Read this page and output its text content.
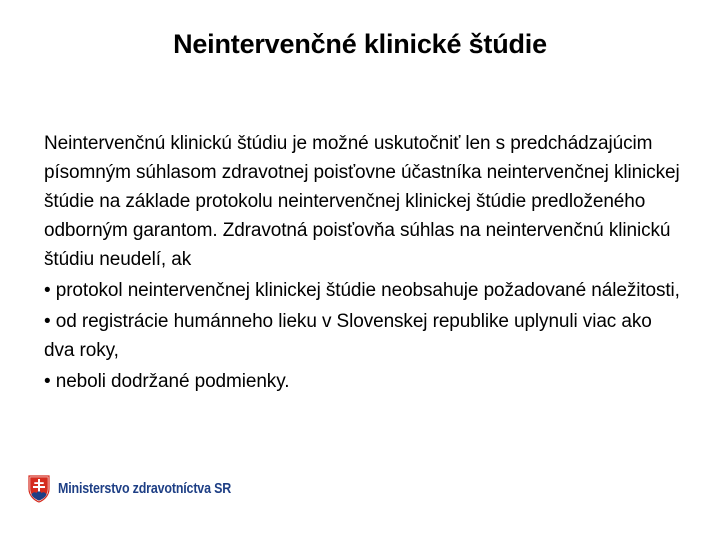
Neintervenčné klinické štúdie

Neintervenčnú klinickú štúdiu je možné uskutočniť len s predchádzajúcim písomným súhlasom zdravotnej poisťovne účastníka neintervenčnej klinickej štúdie na základe protokolu neintervenčnej klinickej štúdie predloženého odborným garantom. Zdravotná poisťovňa súhlas na neintervenčnú klinickú štúdiu neudelí, ak

• protokol neintervenčnej klinickej štúdie neobsahuje požadované náležitosti,

• od registrácie humánneho lieku v Slovenskej republike uplynuli viac ako dva roky,

• neboli dodržané podmienky.

Ministerstvo zdravotníctva SR
